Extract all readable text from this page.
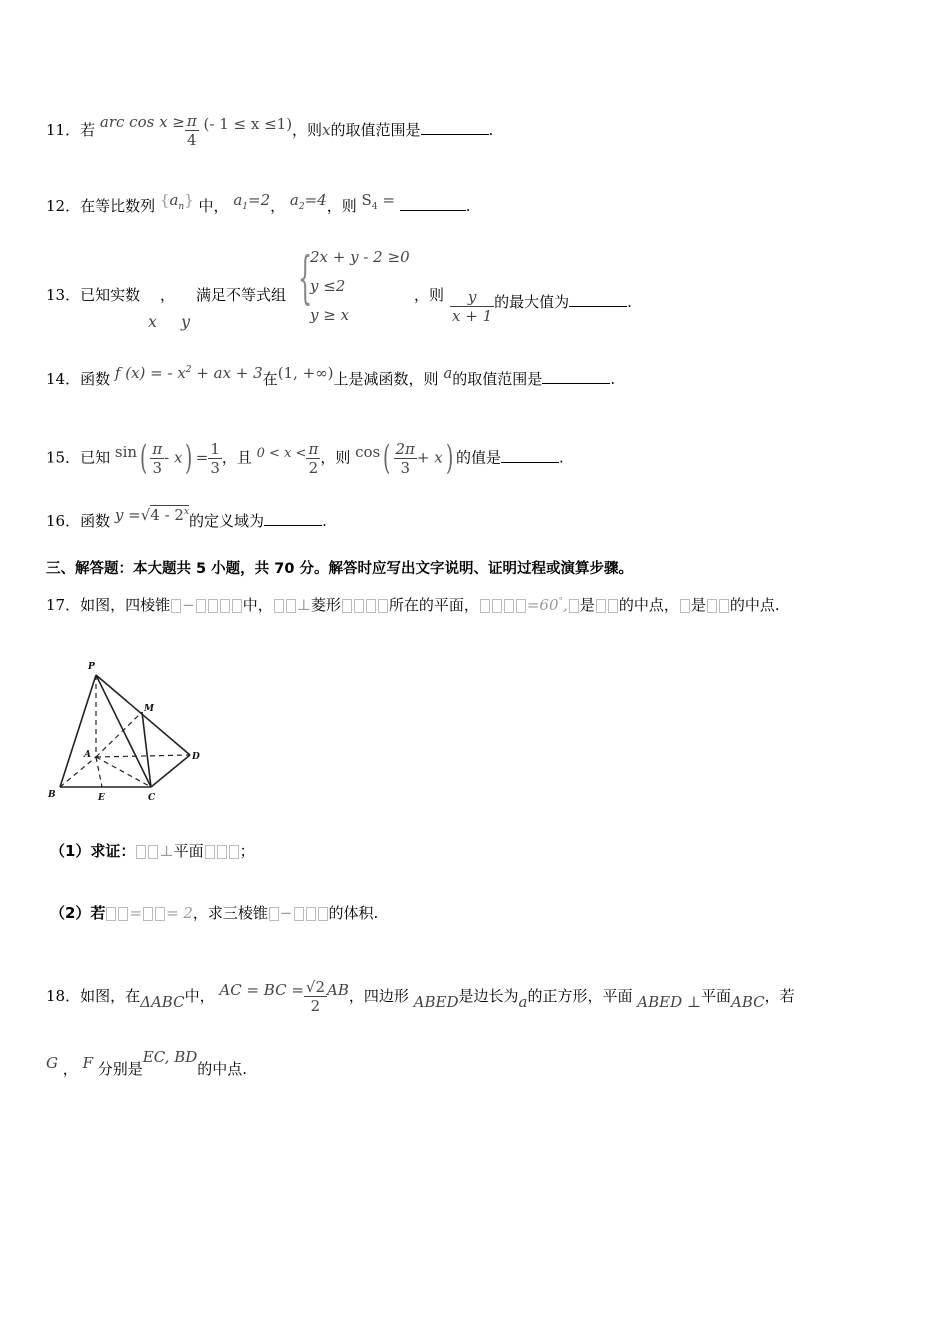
11．若 arc $\cos x \ge \frac{\pi}{4}$ (- 1 ≤ x ≤1)，则x的取值范围是	.
12．在等比数列 $\{a_n\}$ 中， $a_1=2$， $a_2=4$，则 $S_4$ =	.
13．已知实数 ， 满足不等式组
x y
{
2x + y - 2 ≥0
y ≤2
y ≥ x
，则 $\frac{y}{x + 1}$ 的最大值为	.
14．函数 f (x) = - $x^2$ + ax + 3在(1, +∞)上是减函数，则 a的取值范围是	.
15．已知 $\sin( \frac{\pi}{3} - x) = \frac{1}{3}$ ，且 $0 < x < \frac{\pi}{2}$ ，则 $\cos( \frac{2\pi}{3} + x)$ 的值是	.
16．函数 y =√4 - 2$^x$的定义域为	.
三、解答题：本大题共 5 小题，共 70 分。解答时应写出文字说明、证明过程或演算步骤。
17．如图，四棱锥 −	中， ⊥菱形	所在的平面，	=60°, 是 的中点， 是 的中点.
P
M
A	D
B	E	C
（1）求证： ⊥平面 ；
（2）若 = = 2，求三棱锥 − 的体积.
18．如图，在ΔABC中， AC = BC = $\frac{√2}{2}$ AB，四边形 ABED是边长为a的正方形，平面 ABED ⊥平面ABC，若
G ， F 分别是EC, BD的中点.
